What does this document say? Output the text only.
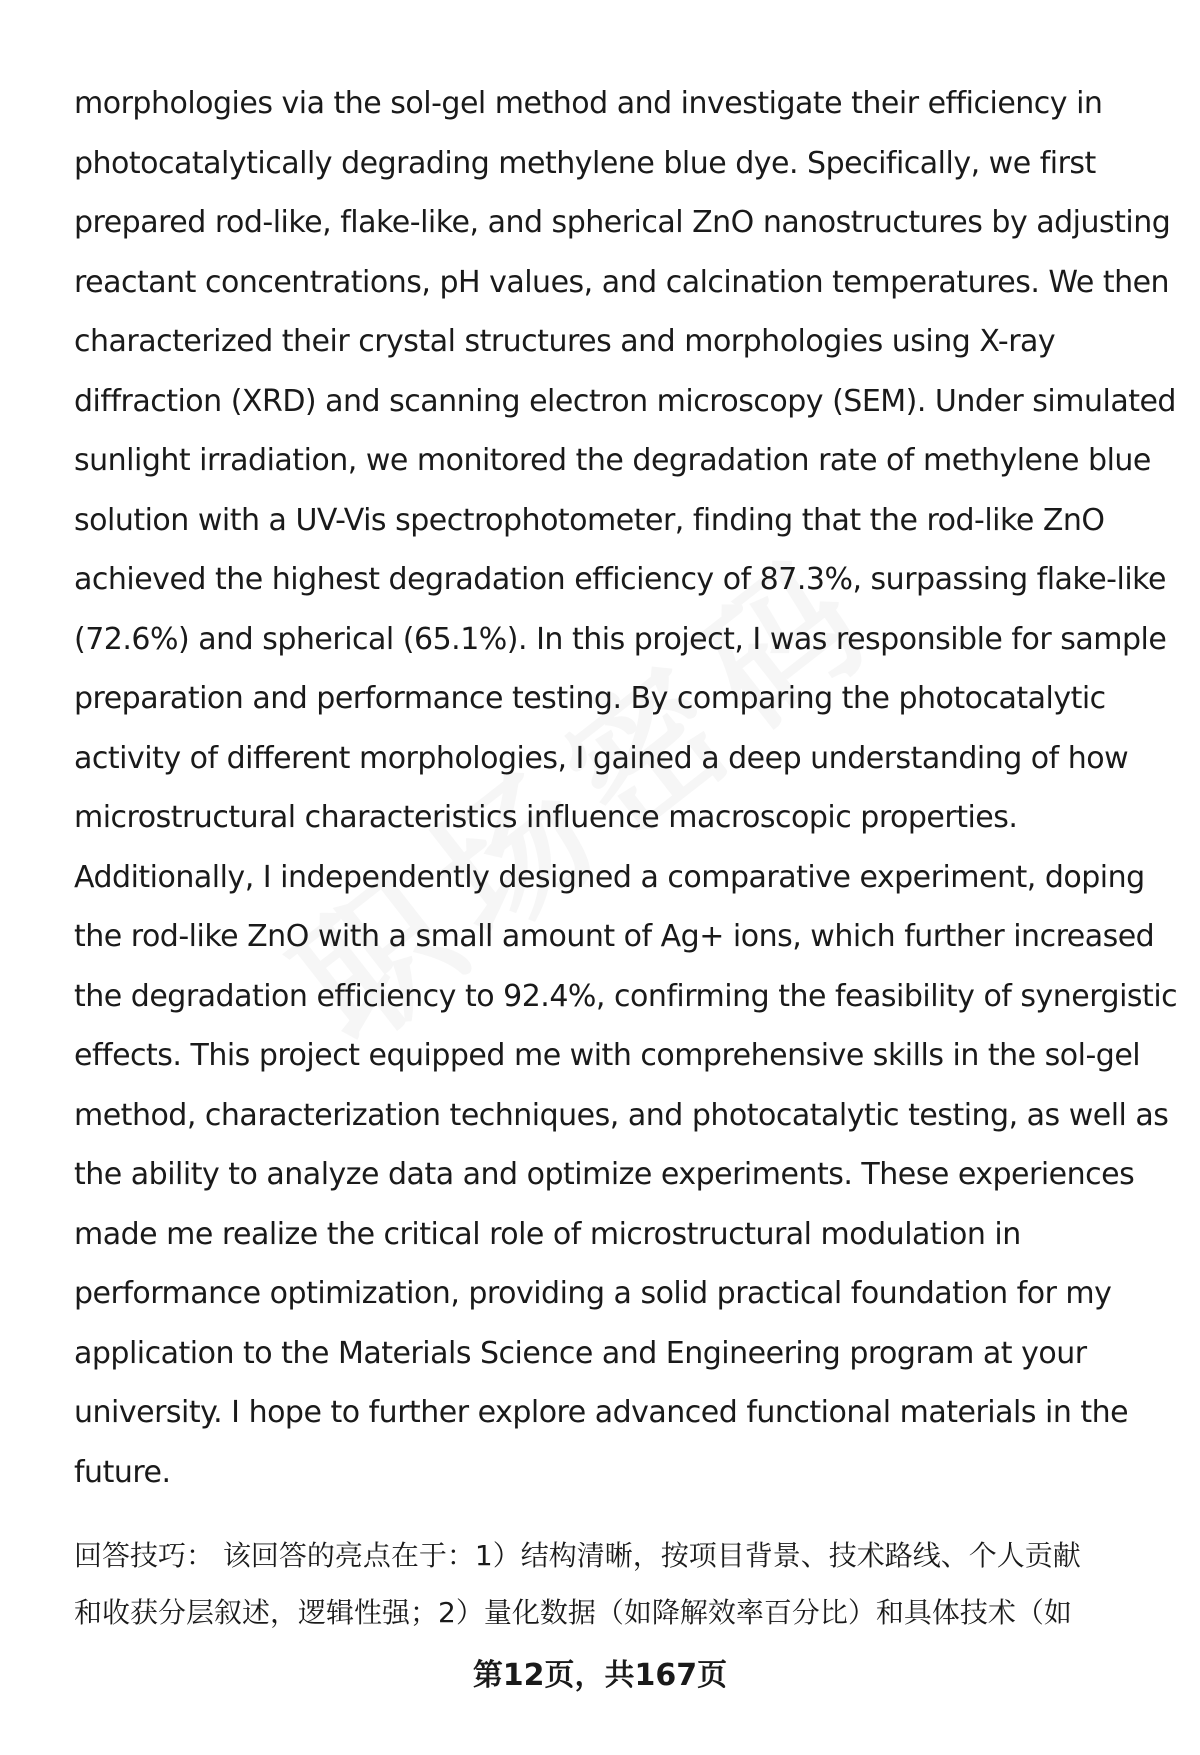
morphologies via the sol-gel method and investigate their efficiency in
photocatalytically degrading methylene blue dye. Specifically, we first
prepared rod-like, flake-like, and spherical ZnO nanostructures by adjusting
reactant concentrations, pH values, and calcination temperatures. We then
characterized their crystal structures and morphologies using X-ray
diffraction (XRD) and scanning electron microscopy (SEM). Under simulated
sunlight irradiation, we monitored the degradation rate of methylene blue
solution with a UV-Vis spectrophotometer, finding that the rod-like ZnO
achieved the highest degradation efficiency of 87.3%, surpassing flake-like
(72.6%) and spherical (65.1%). In this project, I was responsible for sample
preparation and performance testing. By comparing the photocatalytic
activity of different morphologies, I gained a deep understanding of how
microstructural characteristics influence macroscopic properties.
Additionally, I independently designed a comparative experiment, doping
the rod-like ZnO with a small amount of Ag+ ions, which further increased
the degradation efficiency to 92.4%, confirming the feasibility of synergistic
effects. This project equipped me with comprehensive skills in the sol-gel
method, characterization techniques, and photocatalytic testing, as well as
the ability to analyze data and optimize experiments. These experiences
made me realize the critical role of microstructural modulation in
performance optimization, providing a solid practical foundation for my
application to the Materials Science and Engineering program at your
university. I hope to further explore advanced functional materials in the
future.
回答技巧： 该回答的亮点在于：1）结构清晰，按项目背景、技术路线、个人贡献
和收获分层叙述，逻辑性强；2）量化数据（如降解效率百分比）和具体技术（如
第12页，共167页
